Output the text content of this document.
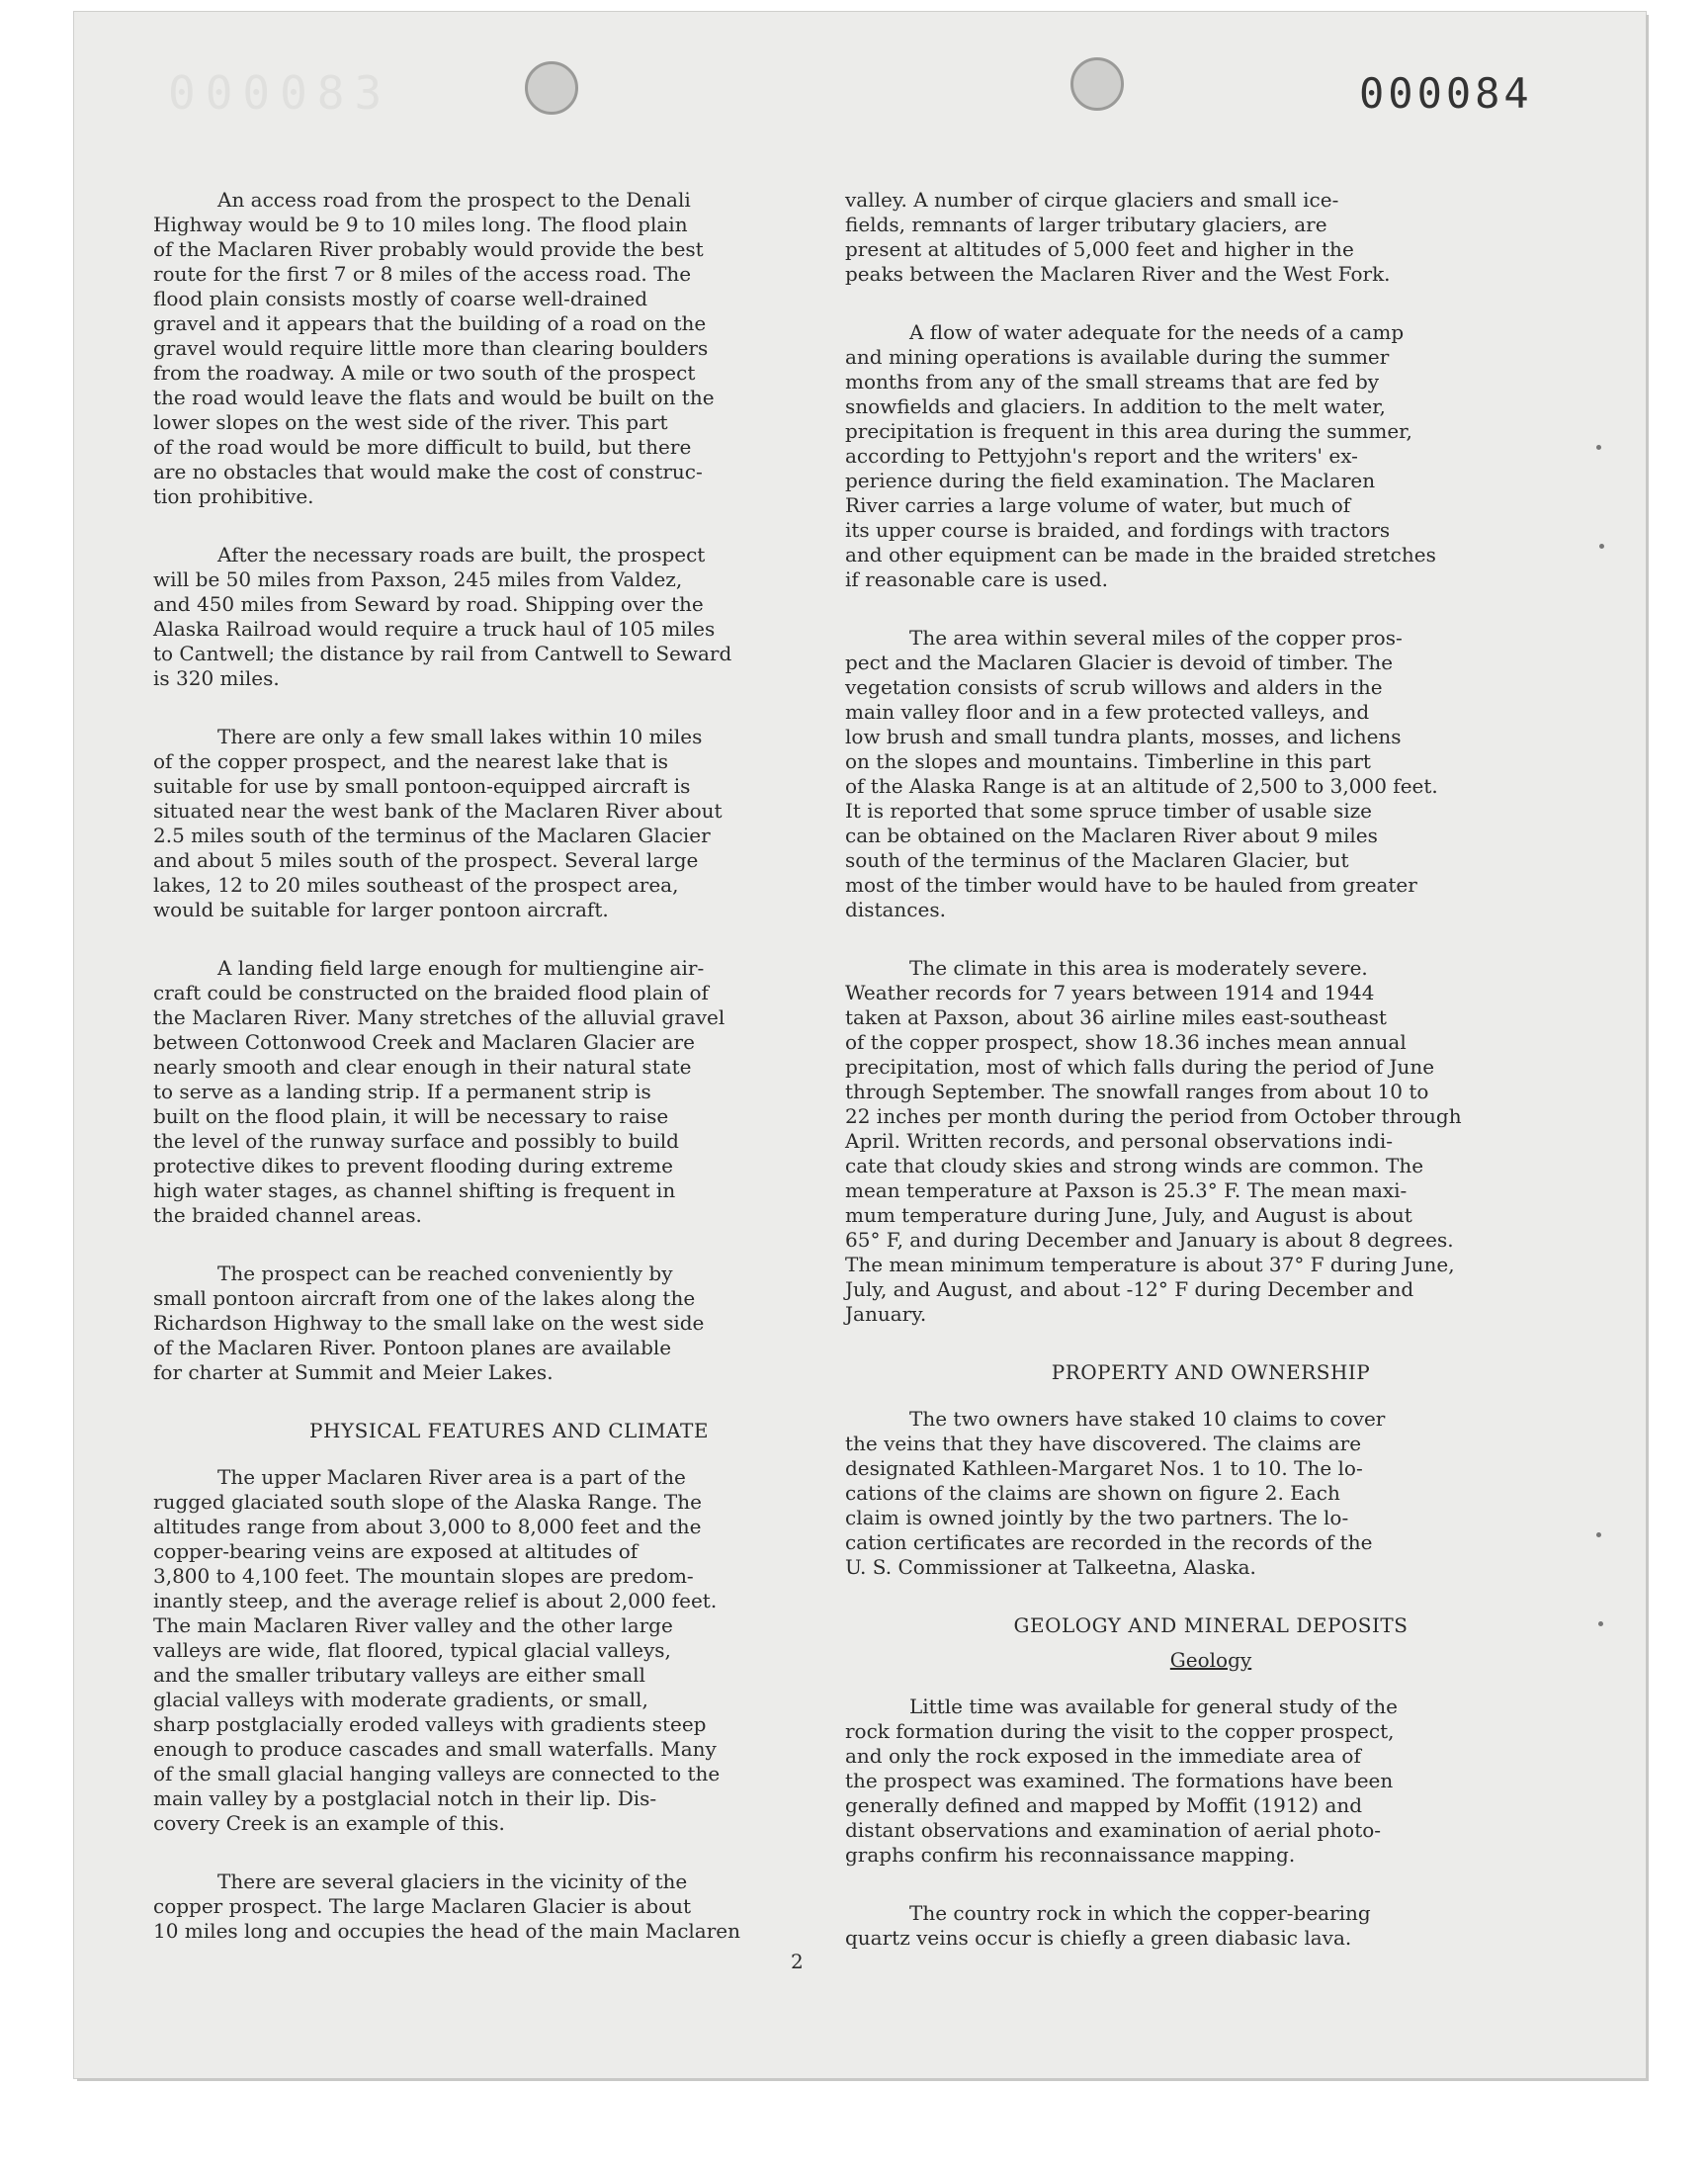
000083	000084

An access road from the prospect to the Denali
Highway would be 9 to 10 miles long. The flood plain
of the Maclaren River probably would provide the best
route for the first 7 or 8 miles of the access road. The
flood plain consists mostly of coarse well-drained
gravel and it appears that the building of a road on the
gravel would require little more than clearing boulders
from the roadway. A mile or two south of the prospect
the road would leave the flats and would be built on the
lower slopes on the west side of the river. This part
of the road would be more difficult to build, but there
are no obstacles that would make the cost of construc-
tion prohibitive.

After the necessary roads are built, the prospect
will be 50 miles from Paxson, 245 miles from Valdez,
and 450 miles from Seward by road. Shipping over the
Alaska Railroad would require a truck haul of 105 miles
to Cantwell; the distance by rail from Cantwell to Seward
is 320 miles.

There are only a few small lakes within 10 miles
of the copper prospect, and the nearest lake that is
suitable for use by small pontoon-equipped aircraft is
situated near the west bank of the Maclaren River about
2.5 miles south of the terminus of the Maclaren Glacier
and about 5 miles south of the prospect. Several large
lakes, 12 to 20 miles southeast of the prospect area,
would be suitable for larger pontoon aircraft.

A landing field large enough for multiengine air-
craft could be constructed on the braided flood plain of
the Maclaren River. Many stretches of the alluvial gravel
between Cottonwood Creek and Maclaren Glacier are
nearly smooth and clear enough in their natural state
to serve as a landing strip. If a permanent strip is
built on the flood plain, it will be necessary to raise
the level of the runway surface and possibly to build
protective dikes to prevent flooding during extreme
high water stages, as channel shifting is frequent in
the braided channel areas.

The prospect can be reached conveniently by
small pontoon aircraft from one of the lakes along the
Richardson Highway to the small lake on the west side
of the Maclaren River. Pontoon planes are available
for charter at Summit and Meier Lakes.

PHYSICAL FEATURES AND CLIMATE

The upper Maclaren River area is a part of the
rugged glaciated south slope of the Alaska Range. The
altitudes range from about 3,000 to 8,000 feet and the
copper-bearing veins are exposed at altitudes of
3,800 to 4,100 feet. The mountain slopes are predom-
inantly steep, and the average relief is about 2,000 feet.
The main Maclaren River valley and the other large
valleys are wide, flat floored, typical glacial valleys,
and the smaller tributary valleys are either small
glacial valleys with moderate gradients, or small,
sharp postglacially eroded valleys with gradients steep
enough to produce cascades and small waterfalls. Many
of the small glacial hanging valleys are connected to the
main valley by a postglacial notch in their lip. Dis-
covery Creek is an example of this.

There are several glaciers in the vicinity of the
copper prospect. The large Maclaren Glacier is about
10 miles long and occupies the head of the main Maclaren

valley. A number of cirque glaciers and small ice-
fields, remnants of larger tributary glaciers, are
present at altitudes of 5,000 feet and higher in the
peaks between the Maclaren River and the West Fork.

A flow of water adequate for the needs of a camp
and mining operations is available during the summer
months from any of the small streams that are fed by
snowfields and glaciers. In addition to the melt water,
precipitation is frequent in this area during the summer,
according to Pettyjohn's report and the writers' ex-
perience during the field examination. The Maclaren
River carries a large volume of water, but much of
its upper course is braided, and fordings with tractors
and other equipment can be made in the braided stretches
if reasonable care is used.

The area within several miles of the copper pros-
pect and the Maclaren Glacier is devoid of timber. The
vegetation consists of scrub willows and alders in the
main valley floor and in a few protected valleys, and
low brush and small tundra plants, mosses, and lichens
on the slopes and mountains. Timberline in this part
of the Alaska Range is at an altitude of 2,500 to 3,000 feet.
It is reported that some spruce timber of usable size
can be obtained on the Maclaren River about 9 miles
south of the terminus of the Maclaren Glacier, but
most of the timber would have to be hauled from greater
distances.

The climate in this area is moderately severe.
Weather records for 7 years between 1914 and 1944
taken at Paxson, about 36 airline miles east-southeast
of the copper prospect, show 18.36 inches mean annual
precipitation, most of which falls during the period of June
through September. The snowfall ranges from about 10 to
22 inches per month during the period from October through
April. Written records, and personal observations indi-
cate that cloudy skies and strong winds are common. The
mean temperature at Paxson is 25.3° F. The mean maxi-
mum temperature during June, July, and August is about
65° F, and during December and January is about 8 degrees.
The mean minimum temperature is about 37° F during June,
July, and August, and about -12° F during December and
January.

PROPERTY AND OWNERSHIP

The two owners have staked 10 claims to cover
the veins that they have discovered. The claims are
designated Kathleen-Margaret Nos. 1 to 10. The lo-
cations of the claims are shown on figure 2. Each
claim is owned jointly by the two partners. The lo-
cation certificates are recorded in the records of the
U. S. Commissioner at Talkeetna, Alaska.

GEOLOGY AND MINERAL DEPOSITS
Geology

Little time was available for general study of the
rock formation during the visit to the copper prospect,
and only the rock exposed in the immediate area of
the prospect was examined. The formations have been
generally defined and mapped by Moffit (1912) and
distant observations and examination of aerial photo-
graphs confirm his reconnaissance mapping.

The country rock in which the copper-bearing
quartz veins occur is chiefly a green diabasic lava.

2
